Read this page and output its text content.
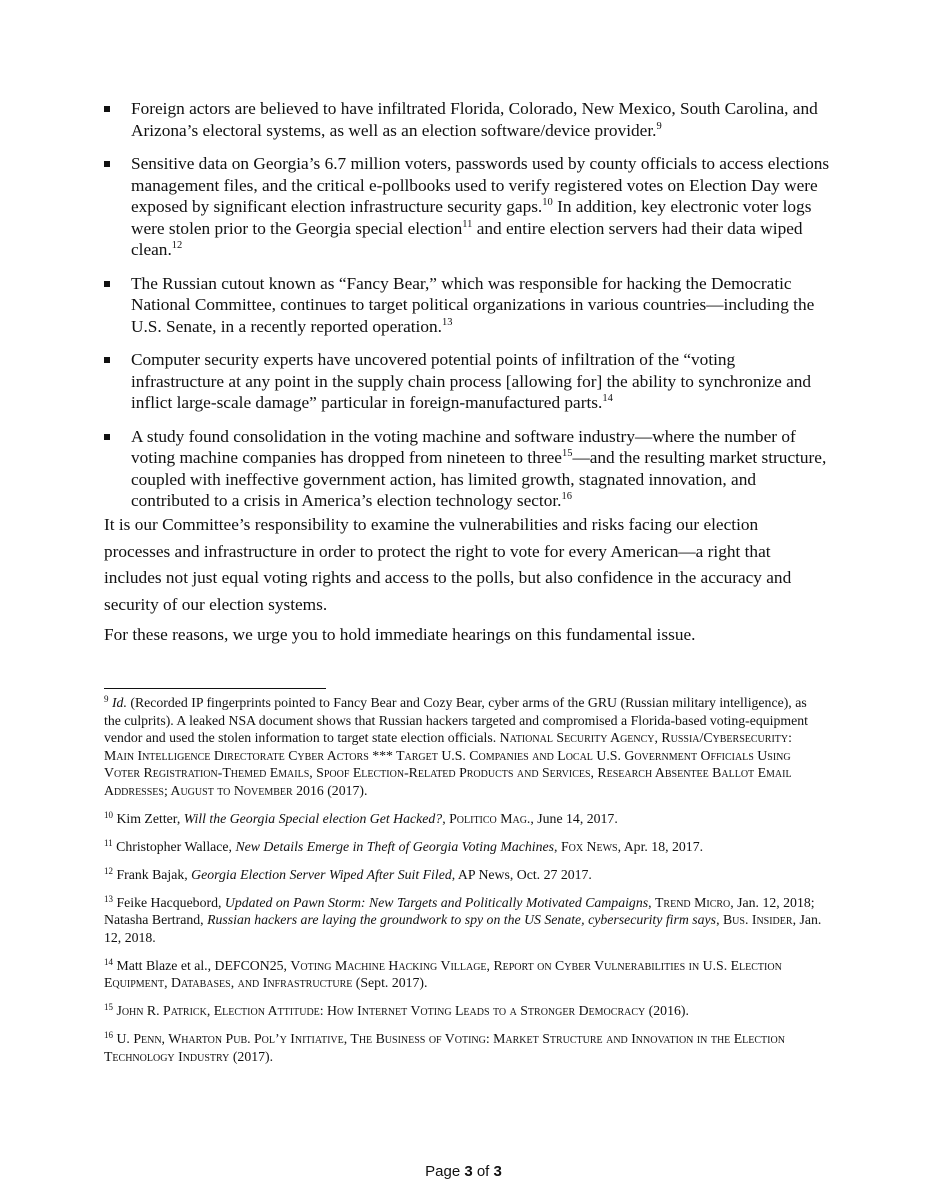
Foreign actors are believed to have infiltrated Florida, Colorado, New Mexico, South Carolina, and Arizona’s electoral systems, as well as an election software/device provider.$^9$
Sensitive data on Georgia’s 6.7 million voters, passwords used by county officials to access elections management files, and the critical e-pollbooks used to verify registered votes on Election Day were exposed by significant election infrastructure security gaps.$^{10}$ In addition, key electronic voter logs were stolen prior to the Georgia special election$^{11}$ and entire election servers had their data wiped clean.$^{12}$
The Russian cutout known as “Fancy Bear,” which was responsible for hacking the Democratic National Committee, continues to target political organizations in various countries—including the U.S. Senate, in a recently reported operation.$^{13}$
Computer security experts have uncovered potential points of infiltration of the “voting infrastructure at any point in the supply chain process [allowing for] the ability to synchronize and inflict large-scale damage” particular in foreign-manufactured parts.$^{14}$
A study found consolidation in the voting machine and software industry—where the number of voting machine companies has dropped from nineteen to three$^{15}$—and the resulting market structure, coupled with ineffective government action, has limited growth, stagnated innovation, and contributed to a crisis in America’s election technology sector.$^{16}$

It is our Committee’s responsibility to examine the vulnerabilities and risks facing our election processes and infrastructure in order to protect the right to vote for every American—a right that includes not just equal voting rights and access to the polls, but also confidence in the accuracy and security of our election systems.

For these reasons, we urge you to hold immediate hearings on this fundamental issue.

$^9$ Id. (Recorded IP fingerprints pointed to Fancy Bear and Cozy Bear, cyber arms of the GRU (Russian military intelligence), as the culprits). A leaked NSA document shows that Russian hackers targeted and compromised a Florida-based voting-equipment vendor and used the stolen information to target state election officials. National Security Agency, Russia/Cybersecurity: Main Intelligence Directorate Cyber Actors *** Target U.S. Companies and Local U.S. Government Officials Using Voter Registration-Themed Emails, Spoof Election-Related Products and Services, Research Absentee Ballot Email Addresses; August to November 2016 (2017).

$^{10}$ Kim Zetter, Will the Georgia Special election Get Hacked?, Politico Mag., June 14, 2017.

$^{11}$ Christopher Wallace, New Details Emerge in Theft of Georgia Voting Machines, Fox News, Apr. 18, 2017.

$^{12}$ Frank Bajak, Georgia Election Server Wiped After Suit Filed, AP News, Oct. 27 2017.

$^{13}$ Feike Hacquebord, Updated on Pawn Storm: New Targets and Politically Motivated Campaigns, Trend Micro, Jan. 12, 2018; Natasha Bertrand, Russian hackers are laying the groundwork to spy on the US Senate, cybersecurity firm says, Bus. Insider, Jan. 12, 2018.

$^{14}$ Matt Blaze et al., DEFCON25, Voting Machine Hacking Village, Report on Cyber Vulnerabilities in U.S. Election Equipment, Databases, and Infrastructure (Sept. 2017).

$^{15}$ John R. Patrick, Election Attitude: How Internet Voting Leads to a Stronger Democracy (2016).

$^{16}$ U. Penn, Wharton Pub. Pol’y Initiative, The Business of Voting: Market Structure and Innovation in the Election Technology Industry (2017).

Page 3 of 3
